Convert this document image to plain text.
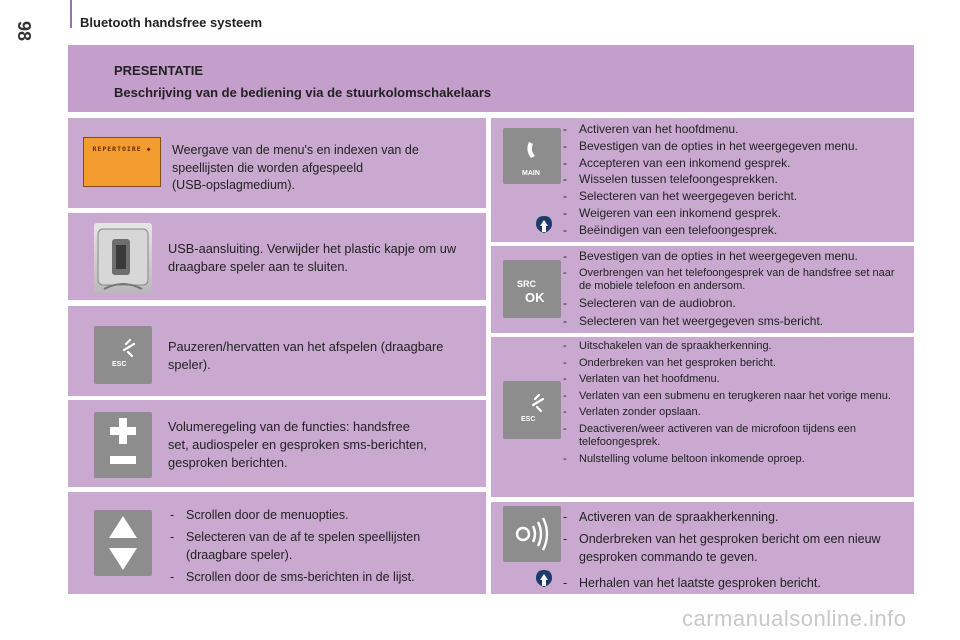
98	Bluetooth handsfree systeem
PRESENTATIE
Beschrijving van de bediening via de stuurkolomschakelaars
REPERTOIRE ◆	Weergave van de menu's en indexen van de
speellijsten die worden afgespeeld
(USB-opslagmedium).
USB-aansluiting. Verwijder het plastic kapje om uw
draagbare speler aan te sluiten.
ESC
Pauzeren/hervatten van het afspelen (draagbare
speler).
Volumeregeling van de functies: handsfree
set, audiospeler en gesproken sms-berichten,
gesproken berichten.
- Scrollen door de menuopties.
- Selecteren van de af te spelen speellijsten (draagbare speler).
- Scrollen door de sms-berichten in de lijst.
MAIN
- Activeren van het hoofdmenu.
- Bevestigen van de opties in het weergegeven menu.
- Accepteren van een inkomend gesprek.
- Wisselen tussen telefoongesprekken.
- Selecteren van het weergegeven bericht.
- Weigeren van een inkomend gesprek.
- Beëindigen van een telefoongesprek.
SRC
OK
- Bevestigen van de opties in het weergegeven menu.
- Overbrengen van het telefoongesprek van de handsfree set naar de mobiele telefoon en andersom.
- Selecteren van de audiobron.
- Selecteren van het weergegeven sms-bericht.
ESC
- Uitschakelen van de spraakherkenning.
- Onderbreken van het gesproken bericht.
- Verlaten van het hoofdmenu.
- Verlaten van een submenu en terugkeren naar het vorige menu.
- Verlaten zonder opslaan.
- Deactiveren/weer activeren van de microfoon tijdens een telefoongesprek.
- Nulstelling volume beltoon inkomende oproep.
- Activeren van de spraakherkenning.
- Onderbreken van het gesproken bericht om een nieuw gesproken commando te geven.
- Herhalen van het laatste gesproken bericht.
carmanualsonline.info
